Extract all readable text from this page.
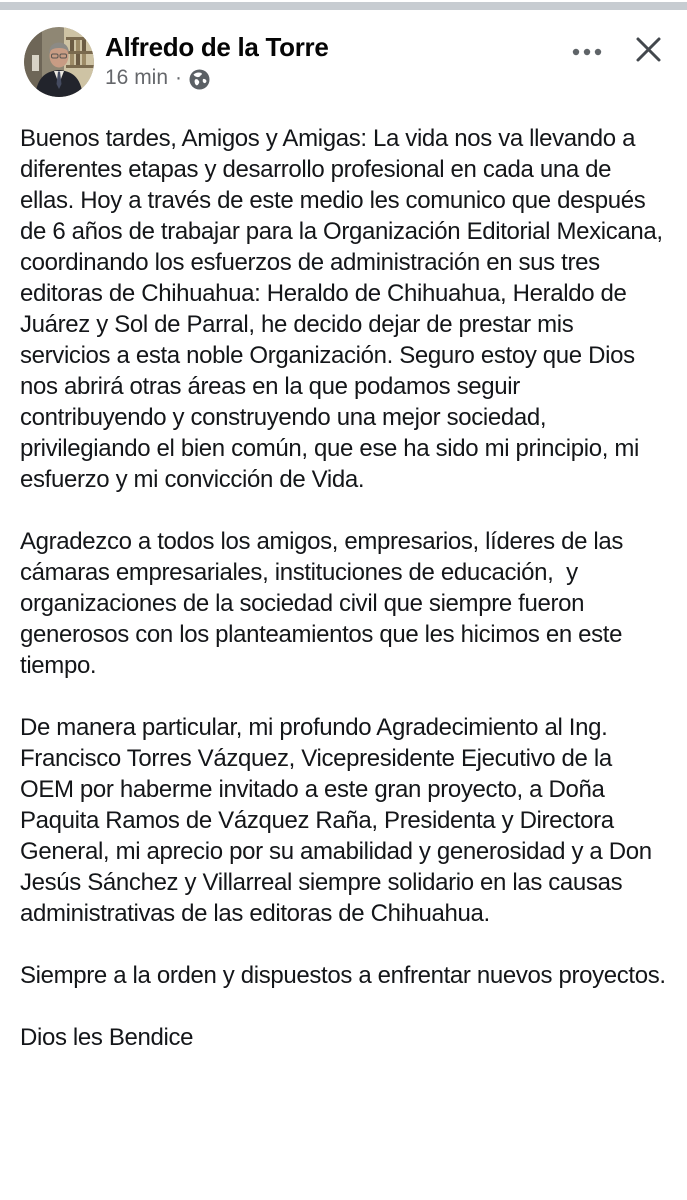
Alfredo de la Torre
16 min ·

Buenos tardes, Amigos y Amigas: La vida nos va llevando a diferentes etapas y desarrollo profesional en cada una de ellas. Hoy a través de este medio les comunico que después de 6 años de trabajar para la Organización Editorial Mexicana, coordinando los esfuerzos de administración en sus tres editoras de Chihuahua: Heraldo de Chihuahua, Heraldo de Juárez y Sol de Parral, he decido dejar de prestar mis servicios a esta noble Organización. Seguro estoy que Dios nos abrirá otras áreas en la que podamos seguir contribuyendo y construyendo una mejor sociedad, privilegiando el bien común, que ese ha sido mi principio, mi esfuerzo y mi convicción de Vida.

Agradezco a todos los amigos, empresarios, líderes de las cámaras empresariales, instituciones de educación,  y organizaciones de la sociedad civil que siempre fueron generosos con los planteamientos que les hicimos en este tiempo.

De manera particular, mi profundo Agradecimiento al Ing. Francisco Torres Vázquez, Vicepresidente Ejecutivo de la OEM por haberme invitado a este gran proyecto, a Doña Paquita Ramos de Vázquez Raña, Presidenta y Directora General, mi aprecio por su amabilidad y generosidad y a Don Jesús Sánchez y Villarreal siempre solidario en las causas administrativas de las editoras de Chihuahua.

Siempre a la orden y dispuestos a enfrentar nuevos proyectos.

Dios les Bendice
